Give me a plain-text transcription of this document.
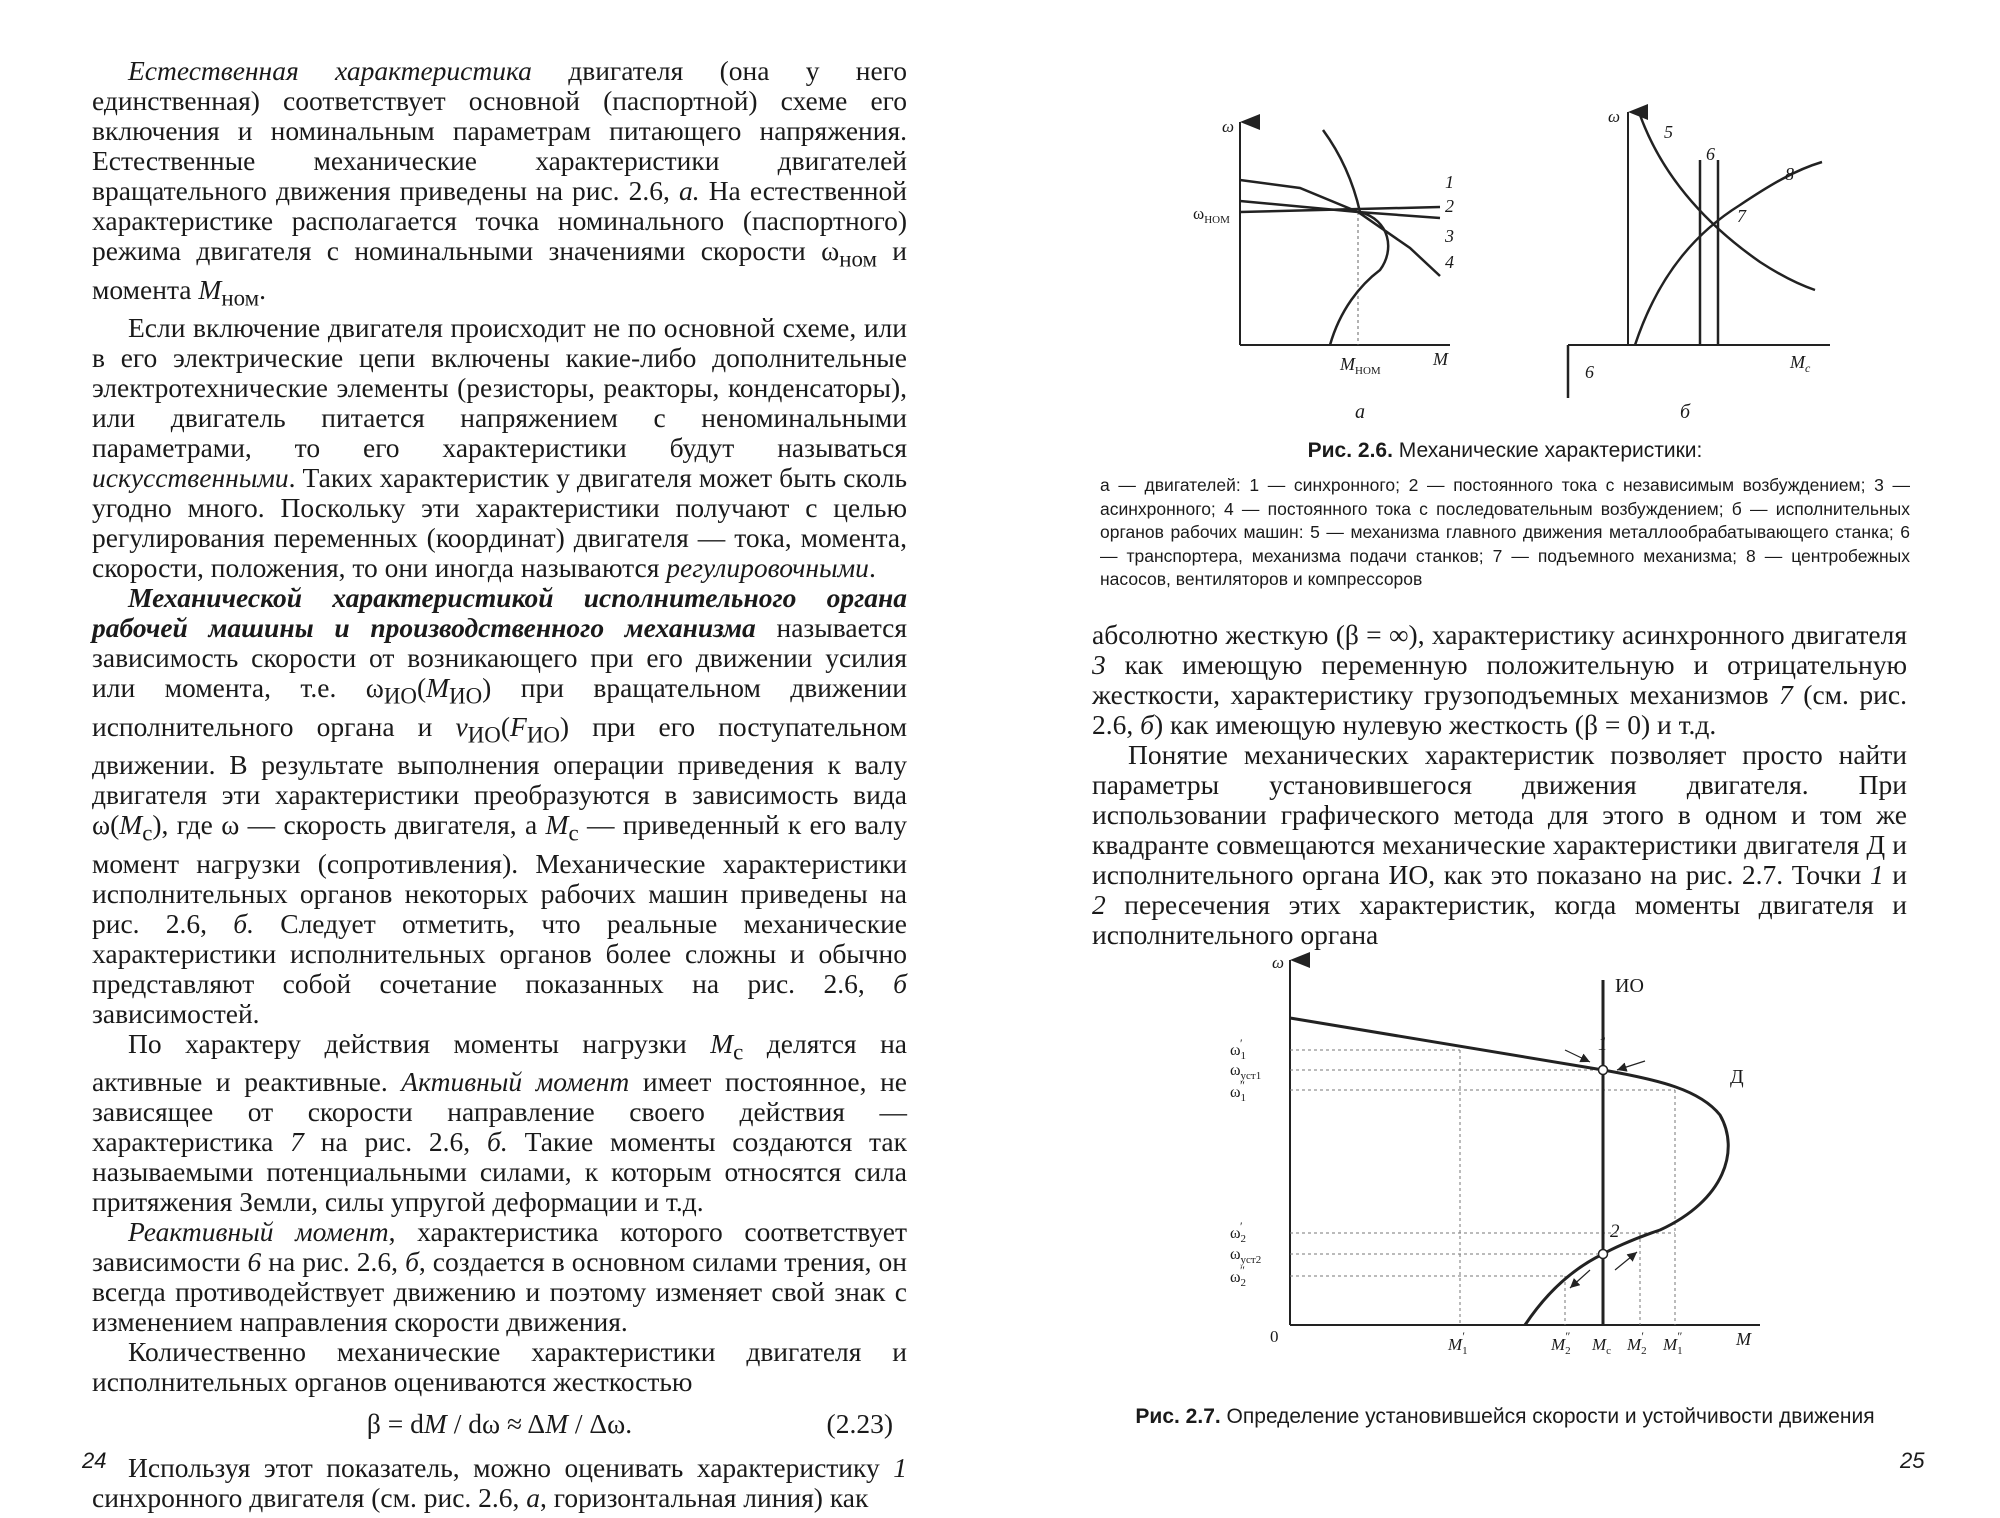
Естественная характеристика двигателя (она у него единственная) соответствует основной (паспортной) схеме его включения и номинальным параметрам питающего напряжения. Естественные механические характеристики двигателей вращательного движения приведены на рис. 2.6, а. На естественной характеристике располагается точка номинального (паспортного) режима двигателя с номинальными значениями скорости $\omega_{ном}$ и момента $M_{ном}$.

Если включение двигателя происходит не по основной схеме, или в его электрические цепи включены какие-либо дополнительные электротехнические элементы (резисторы, реакторы, конденсаторы), или двигатель питается напряжением с неноминальными параметрами, то его характеристики будут называться искусственными. Таких характеристик у двигателя может быть сколь угодно много. Поскольку эти характеристики получают с целью регулирования переменных (координат) двигателя — тока, момента, скорости, положения, то они иногда называются регулировочными.

Механической характеристикой исполнительного органа рабочей машины и производственного механизма называется зависимость скорости от возникающего при его движении усилия или момента, т.е. $\omega_{ИО}(M_{ИО})$ при вращательном движении исполнительного органа и $v_{ИО}(F_{ИО})$ при его поступательном движении. В результате выполнения операции приведения к валу двигателя эти характеристики преобразуются в зависимость вида $\omega(M_с)$, где ω — скорость двигателя, а $M_с$ — приведенный к его валу момент нагрузки (сопротивления). Механические характеристики исполнительных органов некоторых рабочих машин приведены на рис. 2.6, б. Следует отметить, что реальные механические характеристики исполнительных органов более сложны и обычно представляют собой сочетание показанных на рис. 2.6, б зависимостей.

По характеру действия моменты нагрузки $M_с$ делятся на активные и реактивные. Активный момент имеет постоянное, не зависящее от скорости направление своего действия — характеристика 7 на рис. 2.6, б. Такие моменты создаются так называемыми потенциальными силами, к которым относятся сила притяжения Земли, силы упругой деформации и т.д.

Реактивный момент, характеристика которого соответствует зависимости 6 на рис. 2.6, б, создается в основном силами трения, он всегда противодействует движению и поэтому изменяет свой знак с изменением направления скорости движения.

Количественно механические характеристики двигателя и исполнительных органов оцениваются жесткостью

β = dM / dω ≈ ΔM / Δω.	(2.23)

Используя этот показатель, можно оценивать характеристику 1 синхронного двигателя (см. рис. 2.6, а, горизонтальная линия) как

24
ω
$\omega_{НОМ}$
1
2
3
4
$M_{НОМ}$
M
а
ω
5
6
7
8
6	$M_с$
б
Рис. 2.6. Механические характеристики:
а — двигателей: 1 — синхронного; 2 — постоянного тока с независимым возбуждением; 3 — асинхронного; 4 — постоянного тока с последовательным возбуждением; б — исполнительных органов рабочих машин: 5 — механизма главного движения металлообрабатывающего станка; 6 — транспортера, механизма подачи станков; 7 — подъемного механизма; 8 — центробежных насосов, вентиляторов и компрессоров

абсолютно жесткую (β = ∞), характеристику асинхронного двигателя 3 как имеющую переменную положительную и отрицательную жесткости, характеристику грузоподъемных механизмов 7 (см. рис. 2.6, б) как имеющую нулевую жесткость (β = 0) и т.д.

Понятие механических характеристик позволяет просто найти параметры установившегося движения двигателя. При использовании графического метода для этого в одном и том же квадранте совмещаются механические характеристики двигателя Д и исполнительного органа ИО, как это показано на рис. 2.7. Точки 1 и 2 пересечения этих характеристик, когда моменты двигателя и исполнительного органа

ω
0	M
ИО
Д
1
2
$\omega_1'$
$\omega_{уст1}$
$\omega_1''$
$\omega_2'$
$\omega_{уст2}$
$\omega_2''$
$M_1'$	$M_2''$ $M_с$ $M_2'$ $M_1''$
Рис. 2.7. Определение установившейся скорости и устойчивости движения
25
